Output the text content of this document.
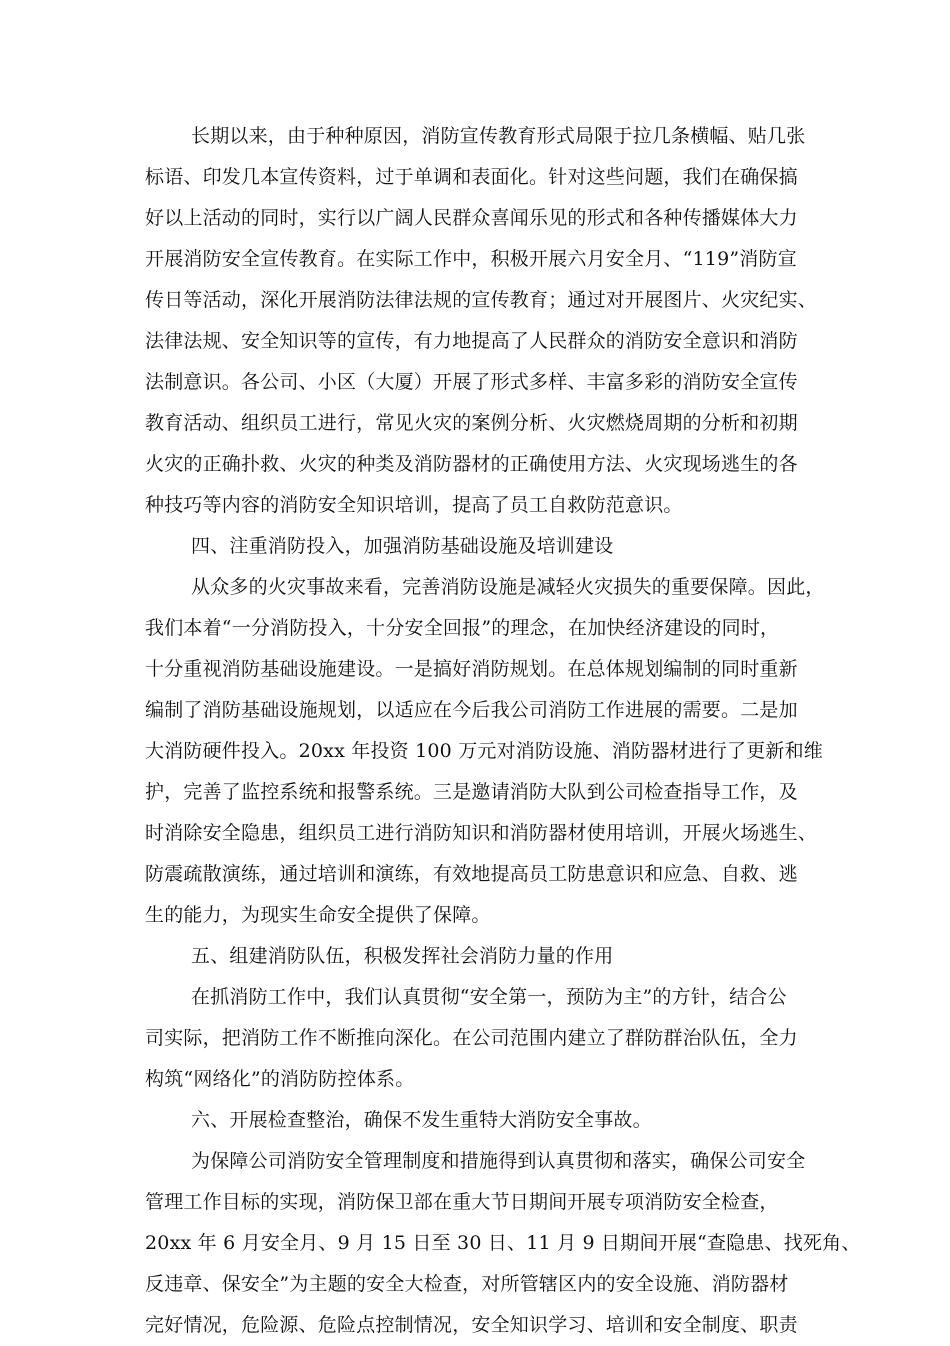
长期以来，由于种种原因，消防宣传教育形式局限于拉几条横幅、贴几张
标语、印发几本宣传资料，过于单调和表面化。针对这些问题，我们在确保搞
好以上活动的同时，实行以广阔人民群众喜闻乐见的形式和各种传播媒体大力
开展消防安全宣传教育。在实际工作中，积极开展六月安全月、“119”消防宣
传日等活动，深化开展消防法律法规的宣传教育；通过对开展图片、火灾纪实、
法律法规、安全知识等的宣传，有力地提高了人民群众的消防安全意识和消防
法制意识。各公司、小区（大厦）开展了形式多样、丰富多彩的消防安全宣传
教育活动、组织员工进行，常见火灾的案例分析、火灾燃烧周期的分析和初期
火灾的正确扑救、火灾的种类及消防器材的正确使用方法、火灾现场逃生的各
种技巧等内容的消防安全知识培训，提高了员工自救防范意识。
四、注重消防投入，加强消防基础设施及培训建设
从众多的火灾事故来看，完善消防设施是减轻火灾损失的重要保障。因此，
我们本着“一分消防投入，十分安全回报”的理念，在加快经济建设的同时，
十分重视消防基础设施建设。一是搞好消防规划。在总体规划编制的同时重新
编制了消防基础设施规划，以适应在今后我公司消防工作进展的需要。二是加
大消防硬件投入。20xx 年投资 100 万元对消防设施、消防器材进行了更新和维
护，完善了监控系统和报警系统。三是邀请消防大队到公司检查指导工作，及
时消除安全隐患，组织员工进行消防知识和消防器材使用培训，开展火场逃生、
防震疏散演练，通过培训和演练，有效地提高员工防患意识和应急、自救、逃
生的能力，为现实生命安全提供了保障。
五、组建消防队伍，积极发挥社会消防力量的作用
在抓消防工作中，我们认真贯彻“安全第一，预防为主”的方针，结合公
司实际，把消防工作不断推向深化。在公司范围内建立了群防群治队伍，全力
构筑“网络化”的消防防控体系。
六、开展检查整治，确保不发生重特大消防安全事故。
为保障公司消防安全管理制度和措施得到认真贯彻和落实，确保公司安全
管理工作目标的实现，消防保卫部在重大节日期间开展专项消防安全检查，
20xx 年 6 月安全月、9 月 15 日至 30 日、11 月 9 日期间开展“查隐患、找死角、
反违章、保安全”为主题的安全大检查，对所管辖区内的安全设施、消防器材
完好情况，危险源、危险点控制情况，安全知识学习、培训和安全制度、职责
